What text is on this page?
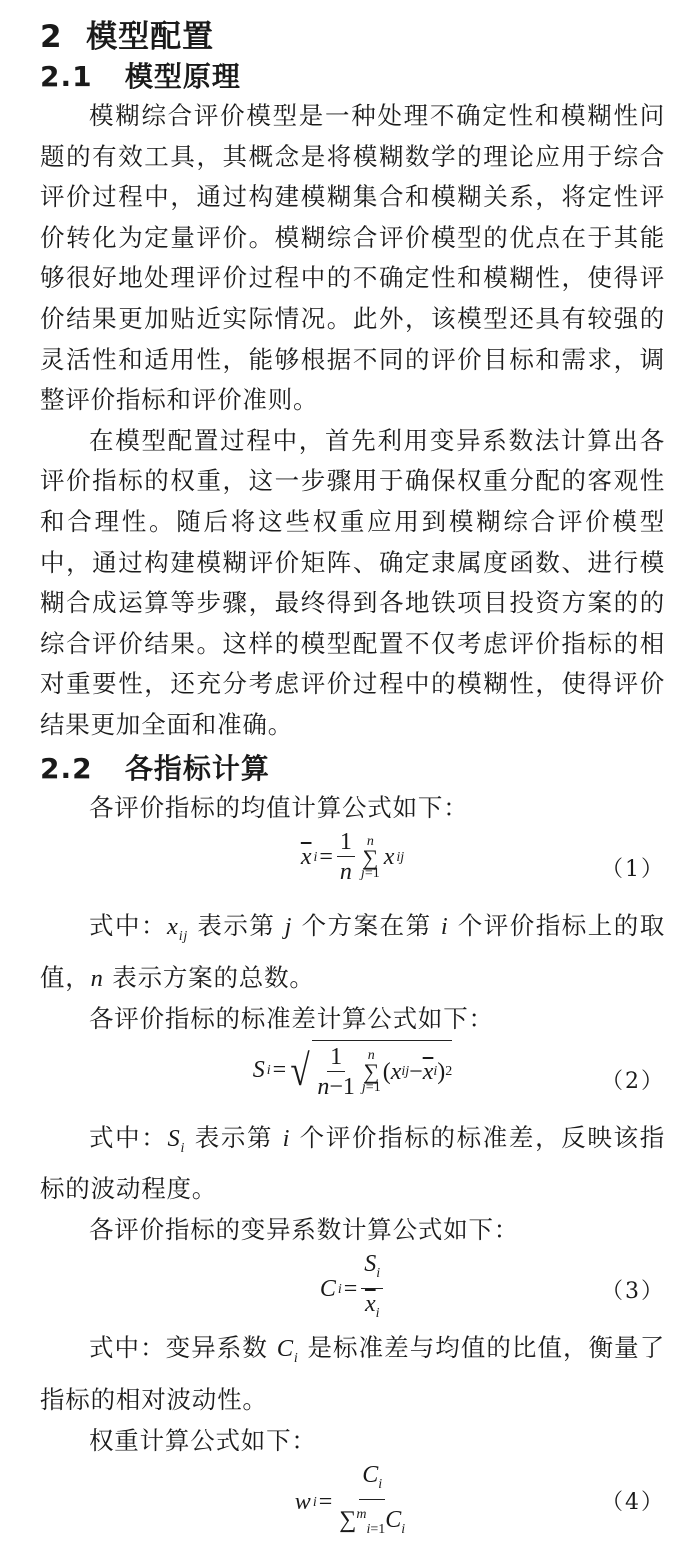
2 模型配置
2.1 模型原理

模糊综合评价模型是一种处理不确定性和模糊性问题的有效工具，其概念是将模糊数学的理论应用于综合评价过程中，通过构建模糊集合和模糊关系，将定性评价转化为定量评价。模糊综合评价模型的优点在于其能够很好地处理评价过程中的不确定性和模糊性，使得评价结果更加贴近实际情况。此外，该模型还具有较强的灵活性和适用性，能够根据不同的评价目标和需求，调整评价指标和评价准则。

在模型配置过程中，首先利用变异系数法计算出各评价指标的权重，这一步骤用于确保权重分配的客观性和合理性。随后将这些权重应用到模糊综合评价模型中，通过构建模糊评价矩阵、确定隶属度函数、进行模糊合成运算等步骤，最终得到各地铁项目投资方案的的综合评价结果。这样的模型配置不仅考虑评价指标的相对重要性，还充分考虑评价过程中的模糊性，使得评价结果更加全面和准确。

2.2 各指标计算

各评价指标的均值计算公式如下：

$\overline{x}$ $i = \frac{1}{n}$ n
∑
j=1
x ij	（1）

式中：$x_{ij}$ 表示第 j 个方案在第 i 个评价指标上的取值，n 表示方案的总数。

各评价指标的标准差计算公式如下：

S i = √ $\frac{1}{n-1}$ n
∑
j=1
( x ij − $\overline{x}$ i ) 2	（2）

式中：$S_i$ 表示第 i 个评价指标的标准差，反映该指标的波动程度。

各评价指标的变异系数计算公式如下：

C $i = \frac{S_i}{\overline{x}_i}$	（3）

式中：变异系数 $C_i$ 是标准差与均值的比值，衡量了指标的相对波动性。

权重计算公式如下：

w $i = \frac{C_i}{\sum^m_{i=1}C_i}$	（4）
